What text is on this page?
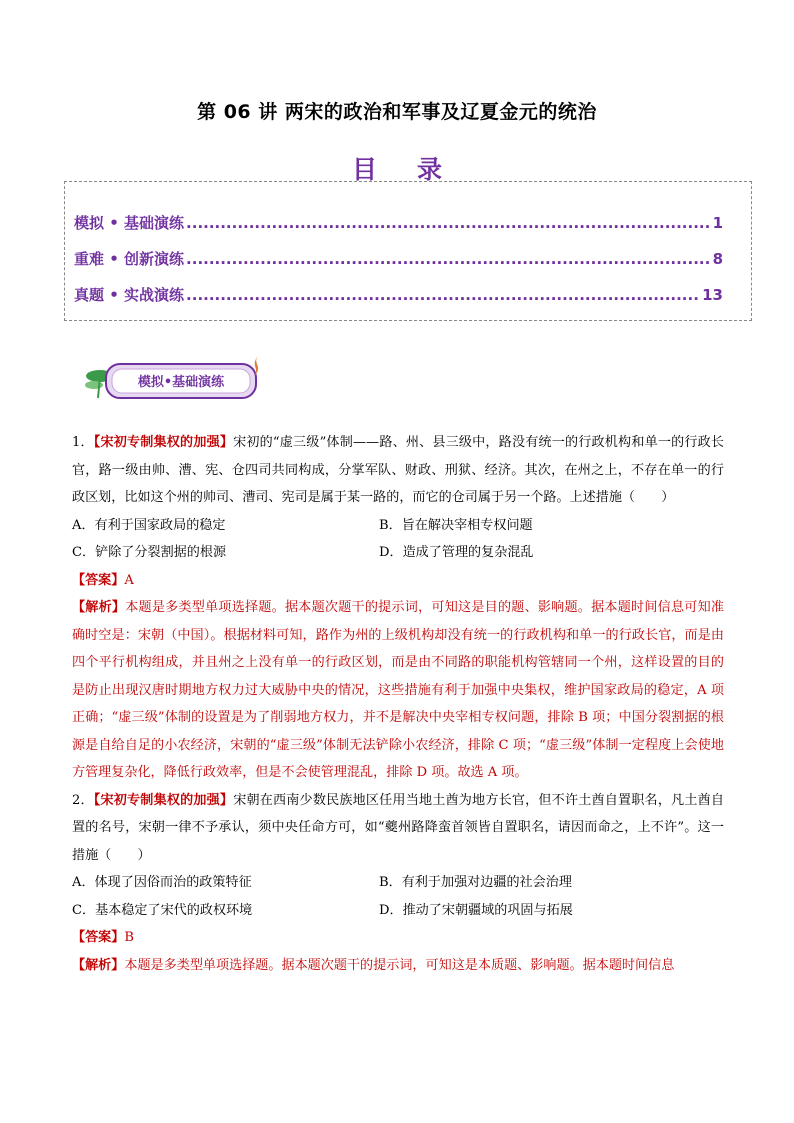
第 06 讲 两宋的政治和军事及辽夏金元的统治
目录
模拟 • 基础演练 .....	1
重难 • 创新演练 .....	8
真题 • 实战演练 .....	13
模拟•基础演练

1．【宋初专制集权的加强】宋初的“虚三级”体制——路、州、县三级中，路没有统一的行政机构和单一的行政长官，路一级由帅、漕、宪、仓四司共同构成，分掌军队、财政、刑狱、经济。其次，在州之上，不存在单一的行政区划，比如这个州的帅司、漕司、宪司是属于某一路的，而它的仓司属于另一个路。上述措施（　　）

A．有利于国家政局的稳定	B．旨在解决宰相专权问题
C．铲除了分裂割据的根源	D．造成了管理的复杂混乱

【答案】A

【解析】本题是多类型单项选择题。据本题次题干的提示词，可知这是目的题、影响题。据本题时间信息可知准确时空是：宋朝（中国）。根据材料可知，路作为州的上级机构却没有统一的行政机构和单一的行政长官，而是由四个平行机构组成，并且州之上没有单一的行政区划，而是由不同路的职能机构管辖同一个州，这样设置的目的是防止出现汉唐时期地方权力过大威胁中央的情况，这些措施有利于加强中央集权，维护国家政局的稳定，A 项正确；“虚三级”体制的设置是为了削弱地方权力，并不是解决中央宰相专权问题，排除 B 项；中国分裂割据的根源是自给自足的小农经济，宋朝的“虚三级”体制无法铲除小农经济，排除 C 项；“虚三级”体制一定程度上会使地方管理复杂化，降低行政效率，但是不会使管理混乱，排除 D 项。故选 A 项。

2．【宋初专制集权的加强】宋朝在西南少数民族地区任用当地土酋为地方长官，但不许土酋自置职名，凡土酋自置的名号，宋朝一律不予承认，须中央任命方可，如“夔州路降蛮首领皆自置职名，请因而命之，上不许”。这一措施（　　）

A．体现了因俗而治的政策特征	B．有利于加强对边疆的社会治理
C．基本稳定了宋代的政权环境	D．推动了宋朝疆域的巩固与拓展

【答案】B

【解析】本题是多类型单项选择题。据本题次题干的提示词，可知这是本质题、影响题。据本题时间信息
